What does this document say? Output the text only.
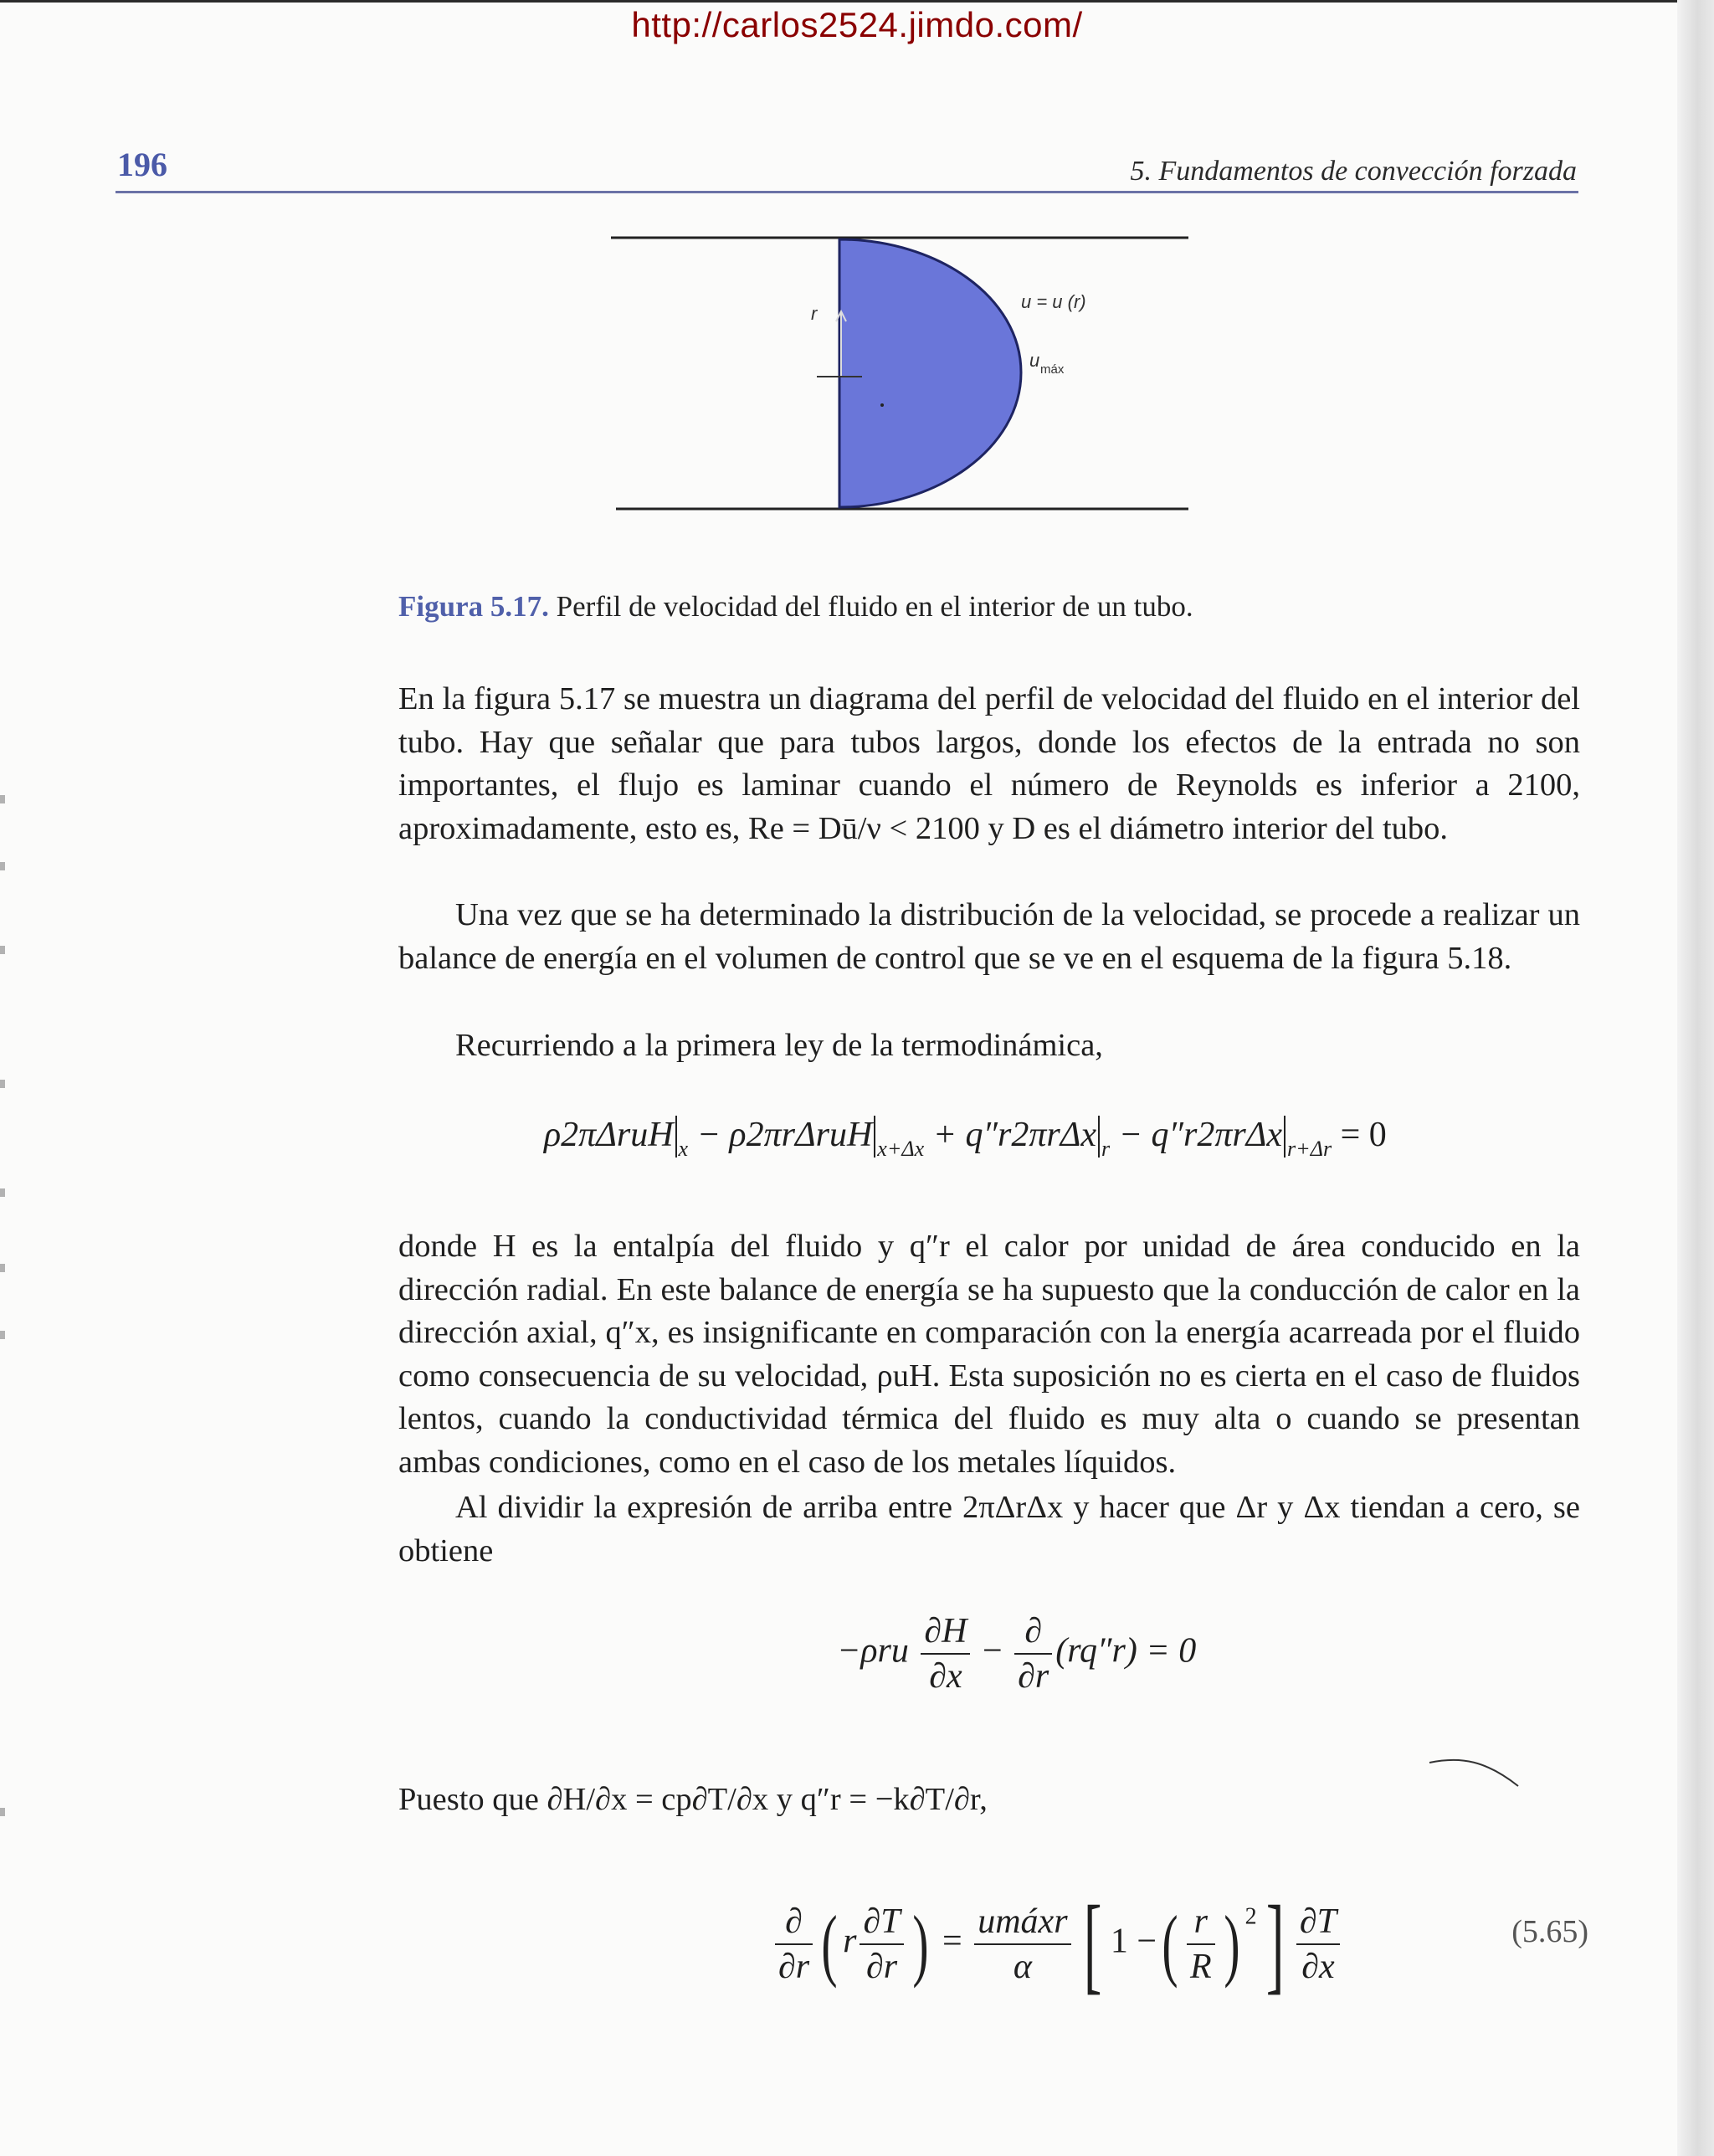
http://carlos2524.jimdo.com/
196	5. Fundamentos de convección forzada
r
u = u (r)
u máx
Figura 5.17. Perfil de velocidad del fluido en el interior de un tubo.

En la figura 5.17 se muestra un diagrama del perfil de velocidad del fluido en el interior del tubo. Hay que señalar que para tubos largos, donde los efectos de la entrada no son importantes, el flujo es laminar cuando el número de Reynolds es inferior a 2100, aproximadamente, esto es, Re = Dū/ν < 2100 y D es el diámetro interior del tubo.

Una vez que se ha determinado la distribución de la velocidad, se procede a realizar un balance de energía en el volumen de control que se ve en el esquema de la figura 5.18.

Recurriendo a la primera ley de la termodinámica,

ρ2πΔruH $_x$ − ρ2πrΔruH $_{x+\Delta x}$ + q″r2πrΔx $_r$ − q″r2πrΔx $_{r+\Delta r}$ = 0

donde H es la entalpía del fluido y q″r el calor por unidad de área conducido en la dirección radial. En este balance de energía se ha supuesto que la conducción de calor en la dirección axial, q″x, es insignificante en comparación con la energía acarreada por el fluido como consecuencia de su velocidad, ρuH. Esta suposición no es cierta en el caso de fluidos lentos, cuando la conductividad térmica del fluido es muy alta o cuando se presentan ambas condiciones, como en el caso de los metales líquidos.

Al dividir la expresión de arriba entre 2πΔrΔx y hacer que Δr y Δx tiendan a cero, se obtiene

$-\rho ru \frac{\partial H}{\partial x} - \frac{\partial}{\partial r} (rq''r) = 0$

Puesto que ∂H/∂x = cp∂T/∂x y q″r = −k∂T/∂r,

$\frac{\partial}{\partial r}$ ( r $\frac{\partial T}{\partial r}$ ) = $\frac{\text{umáxr}}{\alpha}$ [ 1 −( $\frac{r}{R}$ ) $^2] \frac{\partial T}{\partial x}$	(5.65)
